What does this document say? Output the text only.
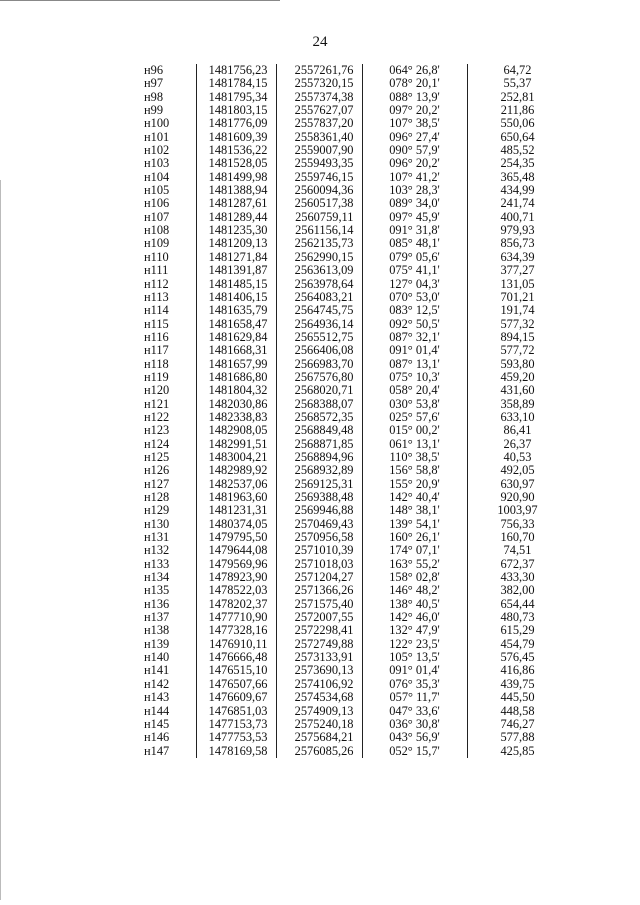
24
н96	1481756,23	2557261,76	064° 26,8'	64,72
н97	1481784,15	2557320,15	078° 20,1'	55,37
н98	1481795,34	2557374,38	088° 13,9'	252,81
н99	1481803,15	2557627,07	097° 20,2'	211,86
н100	1481776,09	2557837,20	107° 38,5'	550,06
н101	1481609,39	2558361,40	096° 27,4'	650,64
н102	1481536,22	2559007,90	090° 57,9'	485,52
н103	1481528,05	2559493,35	096° 20,2'	254,35
н104	1481499,98	2559746,15	107° 41,2'	365,48
н105	1481388,94	2560094,36	103° 28,3'	434,99
н106	1481287,61	2560517,38	089° 34,0'	241,74
н107	1481289,44	2560759,11	097° 45,9'	400,71
н108	1481235,30	2561156,14	091° 31,8'	979,93
н109	1481209,13	2562135,73	085° 48,1'	856,73
н110	1481271,84	2562990,15	079° 05,6'	634,39
н111	1481391,87	2563613,09	075° 41,1'	377,27
н112	1481485,15	2563978,64	127° 04,3'	131,05
н113	1481406,15	2564083,21	070° 53,0'	701,21
н114	1481635,79	2564745,75	083° 12,5'	191,74
н115	1481658,47	2564936,14	092° 50,5'	577,32
н116	1481629,84	2565512,75	087° 32,1'	894,15
н117	1481668,31	2566406,08	091° 01,4'	577,72
н118	1481657,99	2566983,70	087° 13,1'	593,80
н119	1481686,80	2567576,80	075° 10,3'	459,20
н120	1481804,32	2568020,71	058° 20,4'	431,60
н121	1482030,86	2568388,07	030° 53,8'	358,89
н122	1482338,83	2568572,35	025° 57,6'	633,10
н123	1482908,05	2568849,48	015° 00,2'	86,41
н124	1482991,51	2568871,85	061° 13,1'	26,37
н125	1483004,21	2568894,96	110° 38,5'	40,53
н126	1482989,92	2568932,89	156° 58,8'	492,05
н127	1482537,06	2569125,31	155° 20,9'	630,97
н128	1481963,60	2569388,48	142° 40,4'	920,90
н129	1481231,31	2569946,88	148° 38,1'	1003,97
н130	1480374,05	2570469,43	139° 54,1'	756,33
н131	1479795,50	2570956,58	160° 26,1'	160,70
н132	1479644,08	2571010,39	174° 07,1'	74,51
н133	1479569,96	2571018,03	163° 55,2'	672,37
н134	1478923,90	2571204,27	158° 02,8'	433,30
н135	1478522,03	2571366,26	146° 48,2'	382,00
н136	1478202,37	2571575,40	138° 40,5'	654,44
н137	1477710,90	2572007,55	142° 46,0'	480,73
н138	1477328,16	2572298,41	132° 47,9'	615,29
н139	1476910,11	2572749,88	122° 23,5'	454,79
н140	1476666,48	2573133,91	105° 13,5'	576,45
н141	1476515,10	2573690,13	091° 01,4'	416,86
н142	1476507,66	2574106,92	076° 35,3'	439,75
н143	1476609,67	2574534,68	057° 11,7'	445,50
н144	1476851,03	2574909,13	047° 33,6'	448,58
н145	1477153,73	2575240,18	036° 30,8'	746,27
н146	1477753,53	2575684,21	043° 56,9'	577,88
н147	1478169,58	2576085,26	052° 15,7'	425,85
